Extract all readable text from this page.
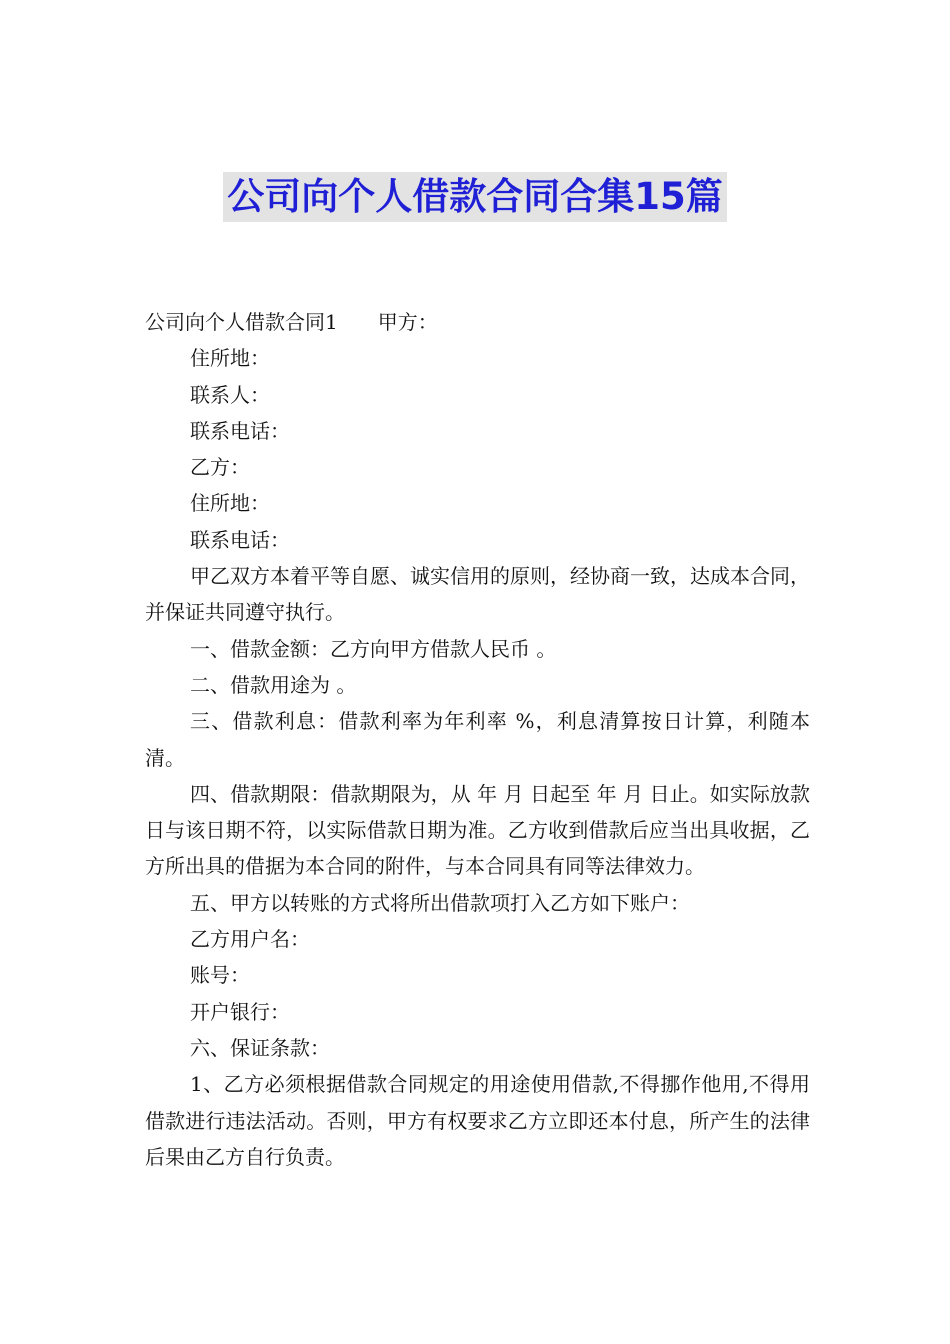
公司向个人借款合同合集15篇

公司向个人借款合同1 甲方：

住所地：

联系人：

联系电话：

乙方：

住所地：

联系电话：

甲乙双方本着平等自愿、诚实信用的原则，经协商一致，达成本合同，并保证共同遵守执行。

一、借款金额：乙方向甲方借款人民币 。

二、借款用途为 。

三、借款利息：借款利率为年利率 %，利息清算按日计算，利随本清。

四、借款期限：借款期限为，从 年 月 日起至 年 月 日止。如实际放款日与该日期不符，以实际借款日期为准。乙方收到借款后应当出具收据，乙方所出具的借据为本合同的附件，与本合同具有同等法律效力。

五、甲方以转账的方式将所出借款项打入乙方如下账户：

乙方用户名：

账号：

开户银行：

六、保证条款：

1、乙方必须根据借款合同规定的用途使用借款,不得挪作他用,不得用借款进行违法活动。否则，甲方有权要求乙方立即还本付息，所产生的法律后果由乙方自行负责。
